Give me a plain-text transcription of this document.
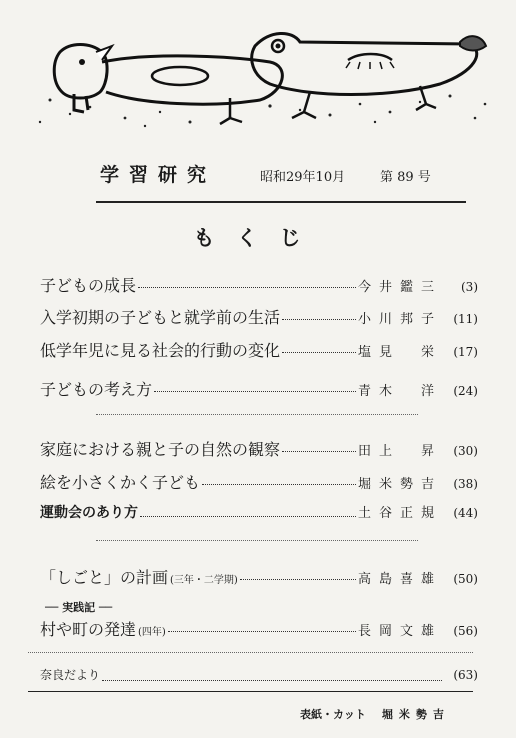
学習研究	昭和29年10月	第 89 号
もくじ
子どもの成長	今井鑑三	(3)
入学初期の子どもと就学前の生活	小川邦子 (11)
低学年児に見る社会的行動の変化	塩見　栄 (17)
子どもの考え方	青木　洋 (24)
家庭における親と子の自然の観察	田上　昇 (30)
絵を小さくかく子ども	堀米勢吉 (38)
運動会のあり方	土谷正規 (44)
「しごと」の計画 (三年・二学期)	高島喜雄 (50)
── 実践記 ──
村や町の発達 (四年)	長岡文雄 (56)
奈良だより	(63)
表紙・カット 堀米勢吉
